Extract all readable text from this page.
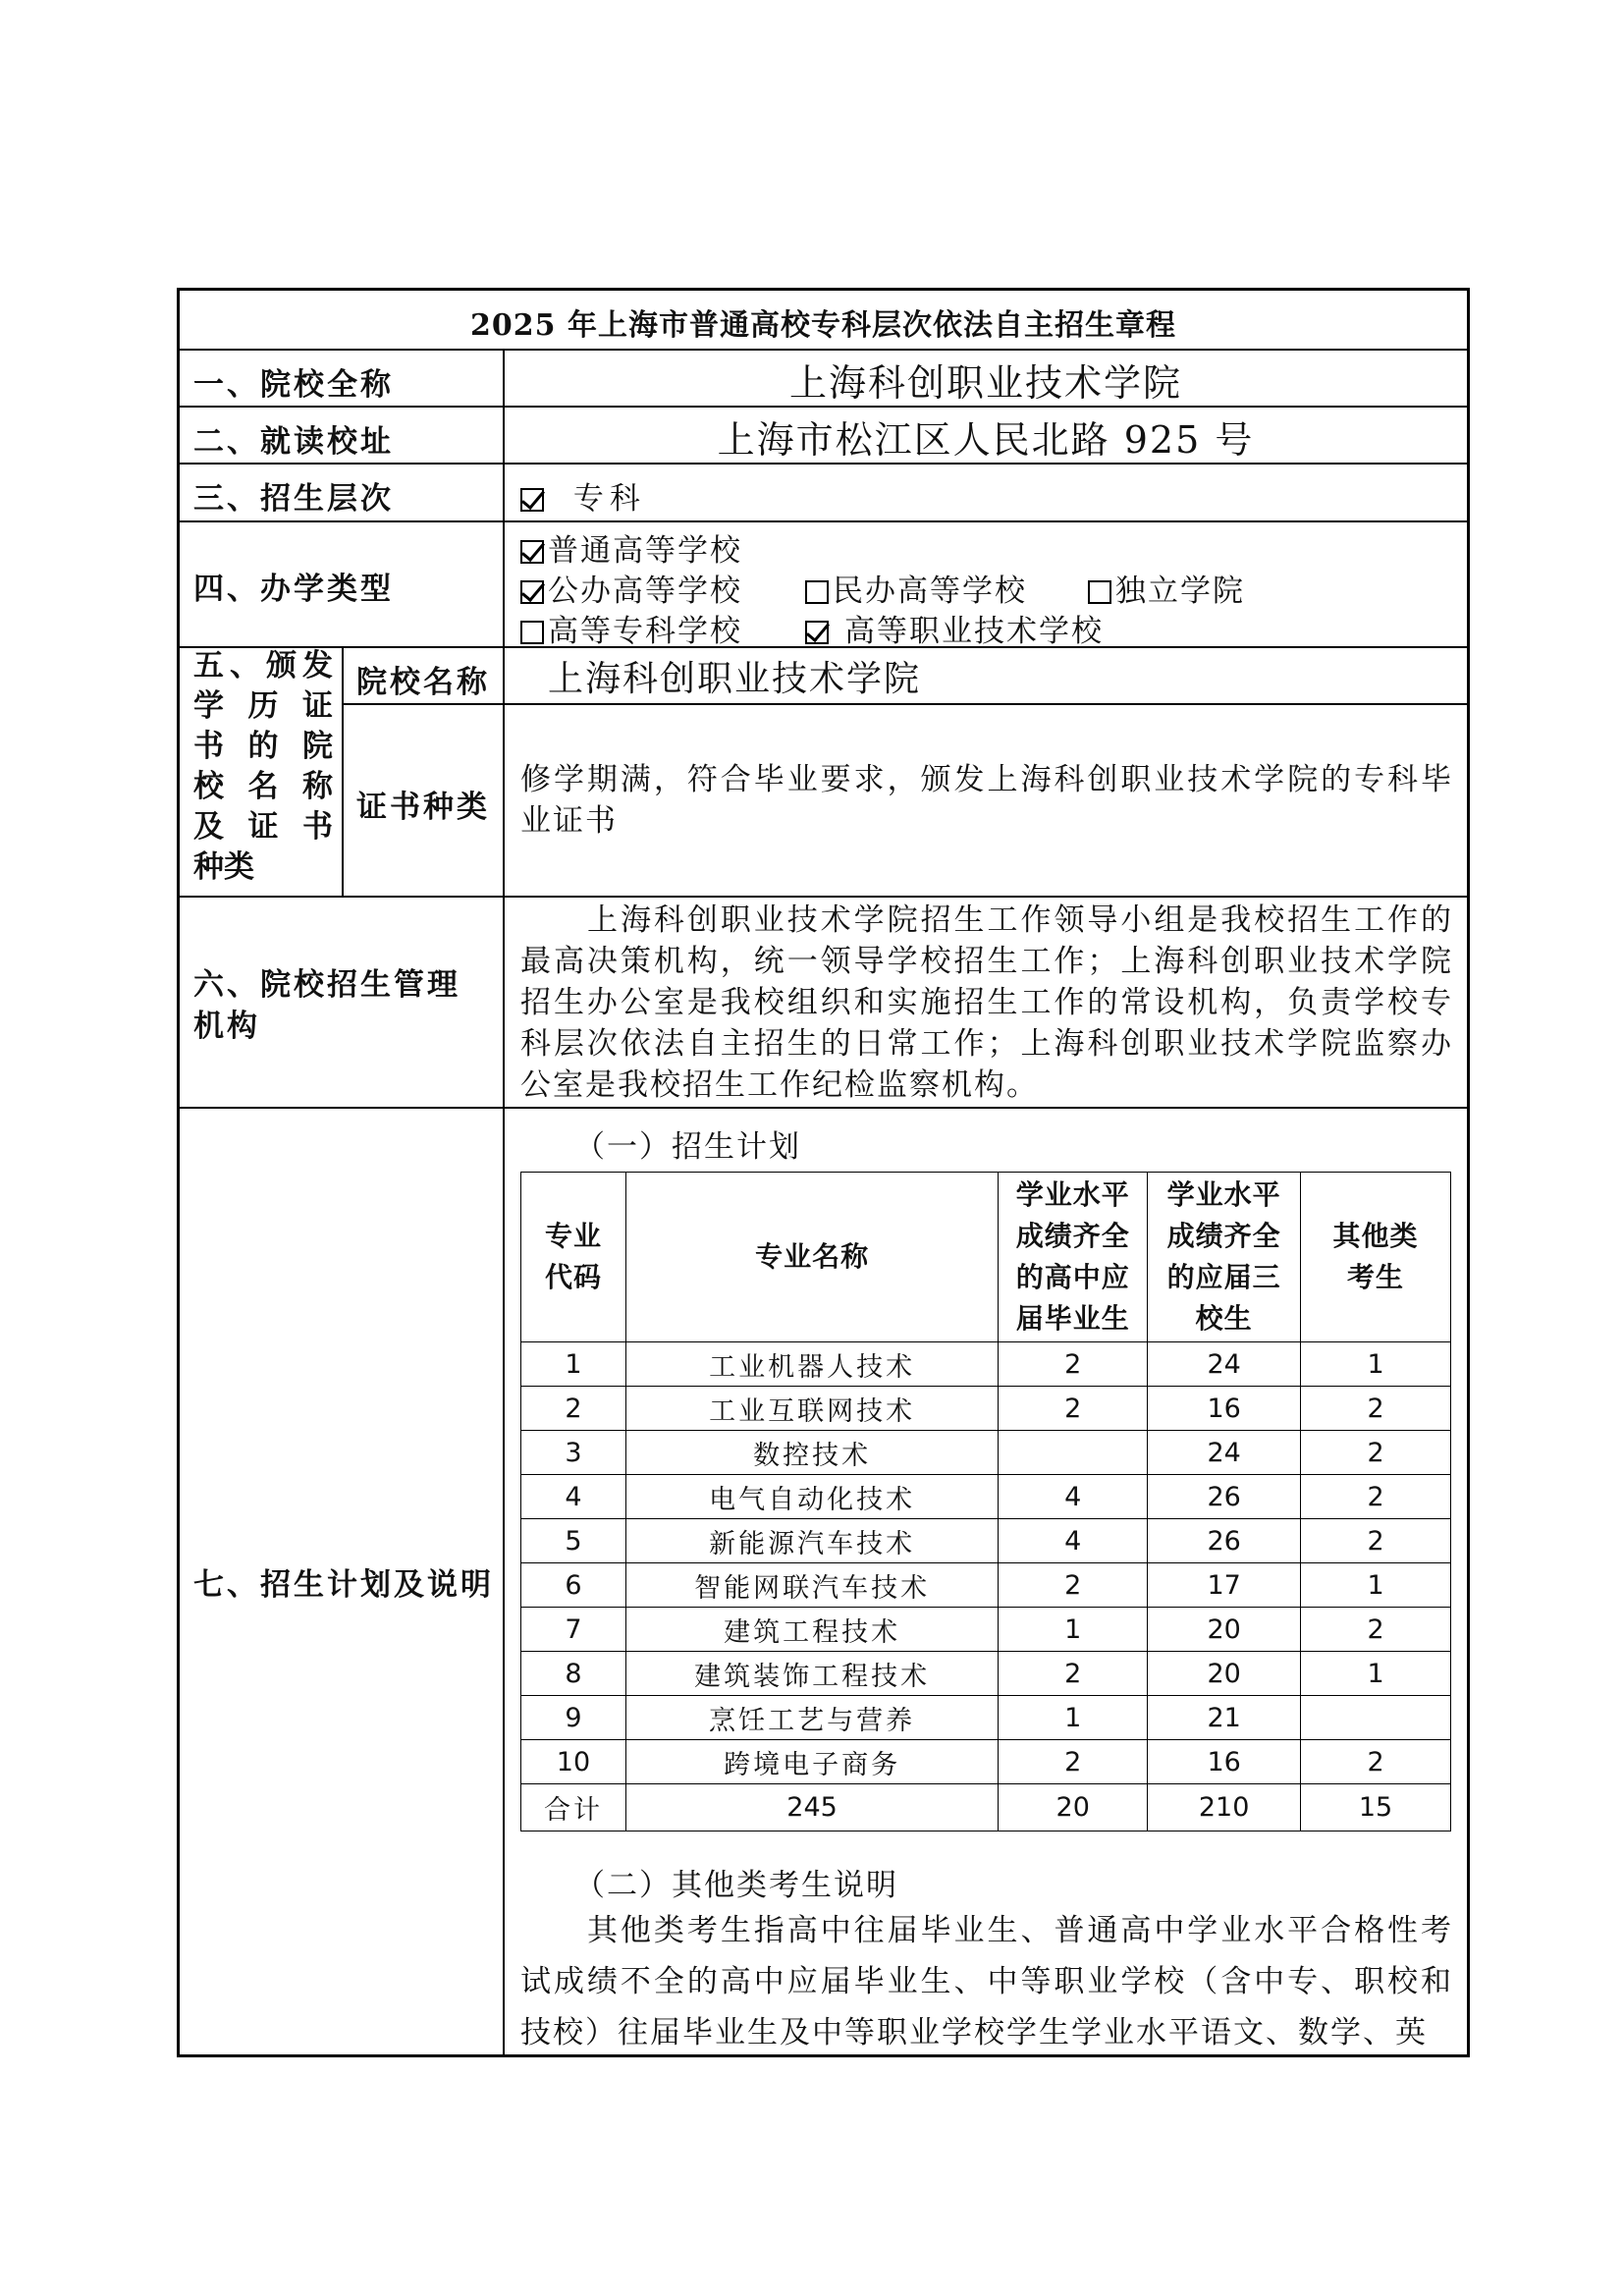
2025 年上海市普通高校专科层次依法自主招生章程
一、院校全称	上海科创职业技术学院
二、就读校址	上海市松江区人民北路 925 号
三、招生层次	专科
四、办学类型
普通高等学校
公办高等学校	民办高等学校	独立学院
高等专科学校	高等职业技术学校
五、颁发
学 历 证
书 的 院
校 名 称
及 证 书
种类
院校名称 上海科创职业技术学院
证书种类
修学期满，符合毕业要求，颁发上海科创职业技术学院的专科毕业证书
六、院校招生管理机构
上海科创职业技术学院招生工作领导小组是我校招生工作的最高决策机构，统一领导学校招生工作；上海科创职业技术学院招生办公室是我校组织和实施招生工作的常设机构，负责学校专科层次依法自主招生的日常工作；上海科创职业技术学院监察办公室是我校招生工作纪检监察机构。
七、招生计划及说明
（一）招生计划
专业代码	专业名称	学业水平成绩齐全的高中应届毕业生	学业水平成绩齐全的应届三校生	其他类考生

1	工业机器人技术	2	24	1
2	工业互联网技术	2	16	2
3	数控技术		24	2
4	电气自动化技术	4	26	2
5	新能源汽车技术	4	26	2
6	智能网联汽车技术	2	17	1
7	建筑工程技术	1	20	2
8	建筑装饰工程技术	2	20	1
9	烹饪工艺与营养	1	21	
10	跨境电子商务	2	16	2
合计	245	20	210	15
（二）其他类考生说明
其他类考生指高中往届毕业生、普通高中学业水平合格性考试成绩不全的高中应届毕业生、中等职业学校（含中专、职校和技校）往届毕业生及中等职业学校学生学业水平语文、数学、英
